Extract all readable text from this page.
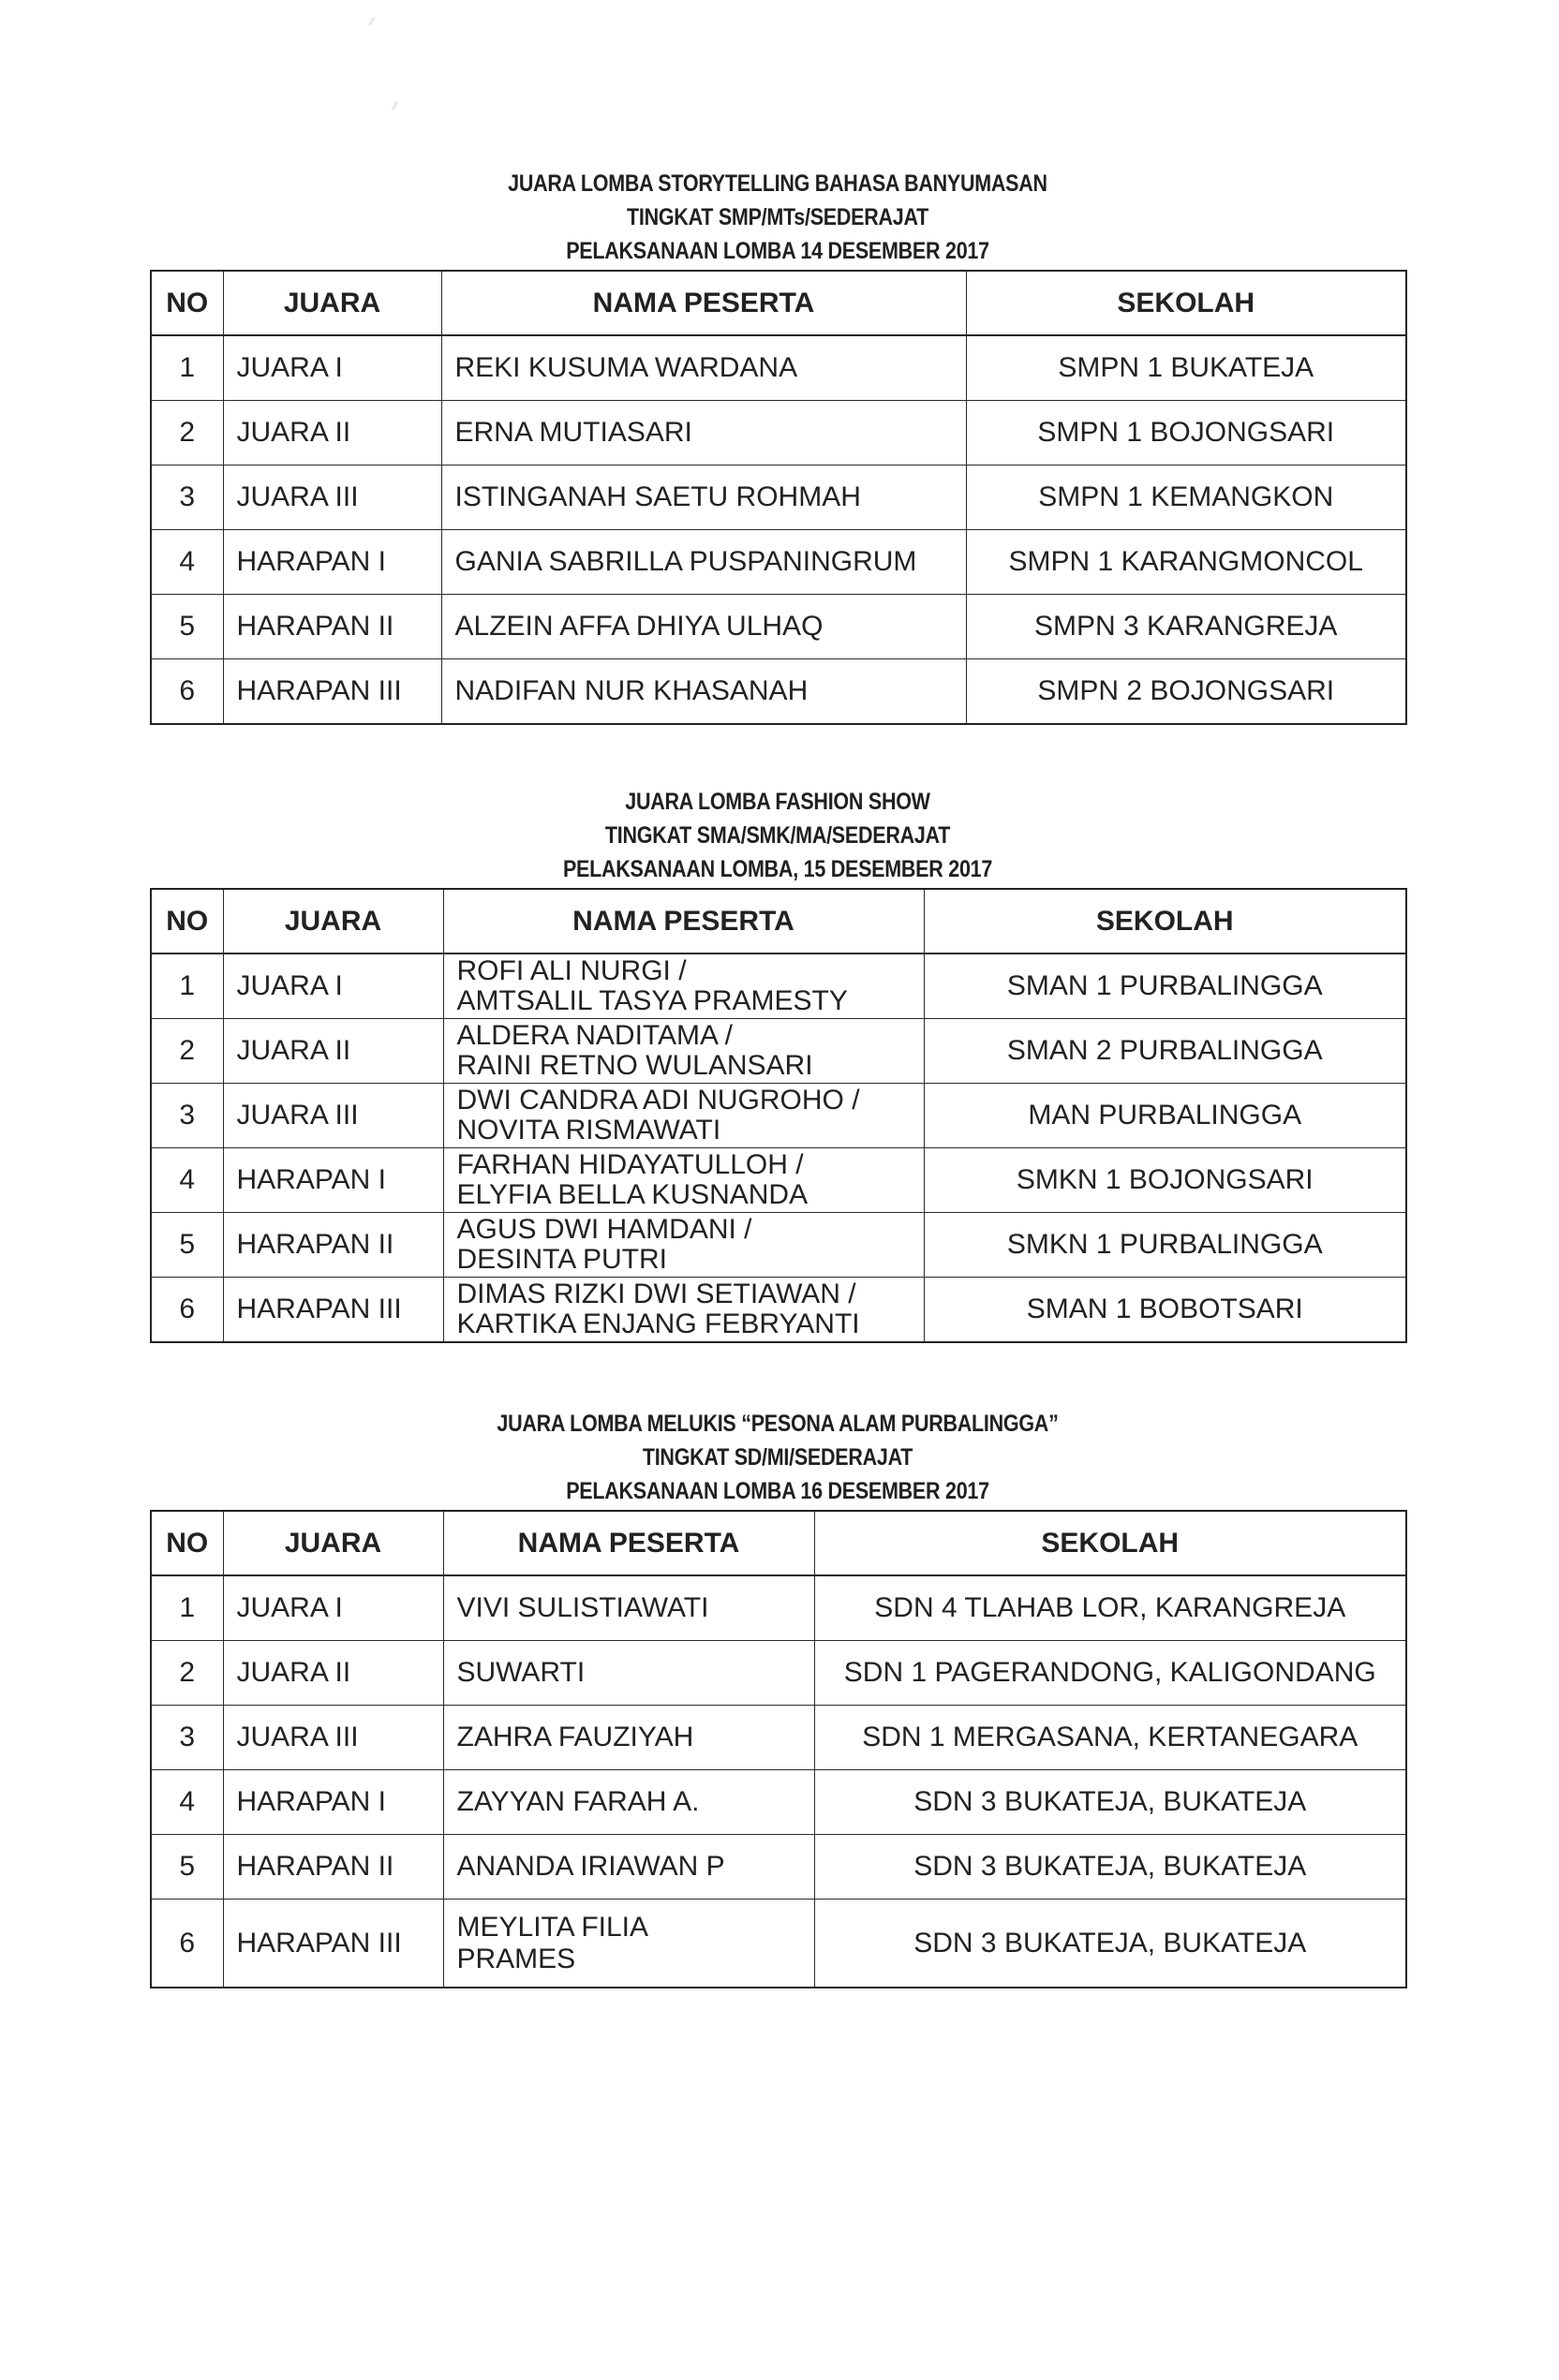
JUARA LOMBA STORYTELLING BAHASA BANYUMASAN
TINGKAT SMP/MTs/SEDERAJAT
PELAKSANAAN LOMBA 14 DESEMBER 2017
NO	JUARA	NAMA PESERTA	SEKOLAH
1	JUARA I	REKI KUSUMA WARDANA	SMPN 1 BUKATEJA
2	JUARA II	ERNA MUTIASARI	SMPN 1 BOJONGSARI
3	JUARA III	ISTINGANAH SAETU ROHMAH	SMPN 1 KEMANGKON
4	HARAPAN I	GANIA SABRILLA PUSPANINGRUM	SMPN 1 KARANGMONCOL
5	HARAPAN II	ALZEIN AFFA DHIYA ULHAQ	SMPN 3 KARANGREJA
6	HARAPAN III	NADIFAN NUR KHASANAH	SMPN 2 BOJONGSARI
JUARA LOMBA FASHION SHOW
TINGKAT SMA/SMK/MA/SEDERAJAT
PELAKSANAAN LOMBA, 15 DESEMBER 2017
NO	JUARA	NAMA PESERTA	SEKOLAH
1	JUARA I	ROFI ALI NURGI /
AMTSALIL TASYA PRAMESTY	SMAN 1 PURBALINGGA
2	JUARA II	ALDERA NADITAMA /
RAINI RETNO WULANSARI	SMAN 2 PURBALINGGA
3	JUARA III	DWI CANDRA ADI NUGROHO /
NOVITA RISMAWATI	MAN PURBALINGGA
4	HARAPAN I	FARHAN HIDAYATULLOH /
ELYFIA BELLA KUSNANDA	SMKN 1 BOJONGSARI
5	HARAPAN II	AGUS DWI HAMDANI /
DESINTA PUTRI	SMKN 1 PURBALINGGA
6	HARAPAN III	DIMAS RIZKI DWI SETIAWAN /
KARTIKA ENJANG FEBRYANTI	SMAN 1 BOBOTSARI
JUARA LOMBA MELUKIS “PESONA ALAM PURBALINGGA”
TINGKAT SD/MI/SEDERAJAT
PELAKSANAAN LOMBA 16 DESEMBER 2017
NO	JUARA	NAMA PESERTA	SEKOLAH
1	JUARA I	VIVI SULISTIAWATI	SDN 4 TLAHAB LOR, KARANGREJA
2	JUARA II	SUWARTI	SDN 1 PAGERANDONG, KALIGONDANG
3	JUARA III	ZAHRA FAUZIYAH	SDN 1 MERGASANA, KERTANEGARA
4	HARAPAN I	ZAYYAN FARAH A.	SDN 3 BUKATEJA, BUKATEJA
5	HARAPAN II	ANANDA IRIAWAN P	SDN 3 BUKATEJA, BUKATEJA
6	HARAPAN III	MEYLITA FILIA
PRAMES	SDN 3 BUKATEJA, BUKATEJA
